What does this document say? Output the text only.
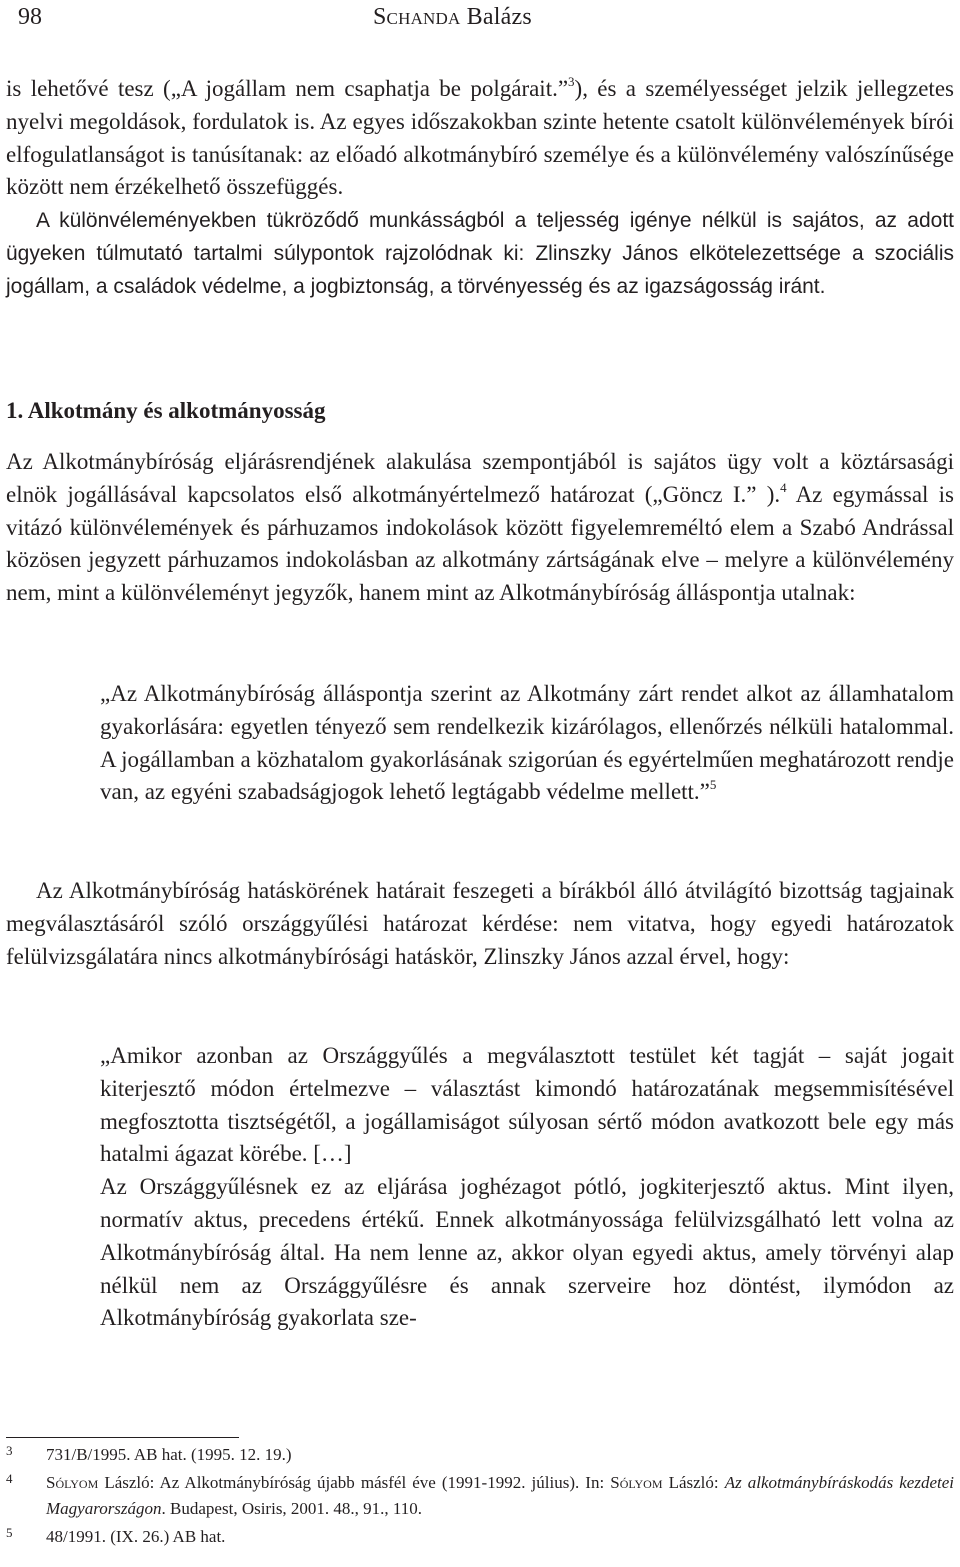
98	Schanda Balázs
is lehetővé tesz („A jogállam nem csaphatja be polgárait.”$^3$), és a személyességet jelzik jellegzetes nyelvi megoldások, fordulatok is. Az egyes időszakokban szinte hetente csatolt különvélemények bírói elfogulatlanságot is tanúsítanak: az előadó alkotmánybíró személye és a különvélemény valószínűsége között nem érzékelhető összefüggés.
A különvéleményekben tükröződő munkásságból a teljesség igénye nélkül is sajátos, az adott ügyeken túlmutató tartalmi súlypontok rajzolódnak ki: Zlinszky János elkötelezettsége a szociális jogállam, a családok védelme, a jogbiztonság, a törvényesség és az igazságosság iránt.
1. Alkotmány és alkotmányosság
Az Alkotmánybíróság eljárásrendjének alakulása szempontjából is sajátos ügy volt a köztársasági elnök jogállásával kapcsolatos első alkotmányértelmező határozat („Göncz I.” ).$^4$ Az egymással is vitázó különvélemények és párhuzamos indokolások között figyelemreméltó elem a Szabó Andrással közösen jegyzett párhuzamos indokolásban az alkotmány zártságának elve – melyre a különvélemény nem, mint a különvéleményt jegyzők, hanem mint az Alkotmánybíróság álláspontja utalnak:
„Az Alkotmánybíróság álláspontja szerint az Alkotmány zárt rendet alkot az államhatalom gyakorlására: egyetlen tényező sem rendelkezik kizárólagos, ellenőrzés nélküli hatalommal. A jogállamban a közhatalom gyakorlásának szigorúan és egyértelműen meghatározott rendje van, az egyéni szabadságjogok lehető legtágabb védelme mellett.”$^5$
Az Alkotmánybíróság hatáskörének határait feszegeti a bírákból álló átvilágító bizottság tagjainak megválasztásáról szóló országgyűlési határozat kérdése: nem vitatva, hogy egyedi határozatok felülvizsgálatára nincs alkotmánybírósági hatáskör, Zlinszky János azzal érvel, hogy:
„Amikor azonban az Országgyűlés a megválasztott testület két tagját – saját jogait kiterjesztő módon értelmezve – választást kimondó határozatának megsemmisítésével megfosztotta tisztségétől, a jogállamiságot súlyosan sértő módon avatkozott bele egy más hatalmi ágazat körébe. […]
Az Országgyűlésnek ez az eljárása joghézagot pótló, jogkiterjesztő aktus. Mint ilyen, normatív aktus, precedens értékű. Ennek alkotmányossága felülvizsgálható lett volna az Alkotmánybíróság által. Ha nem lenne az, akkor olyan egyedi aktus, amely törvényi alap nélkül nem az Országgyűlésre és annak szerveire hoz döntést, ilymódon az Alkotmánybíróság gyakorlata sze-
3 731/B/1995. AB hat. (1995. 12. 19.)
4 Sólyom László: Az Alkotmánybíróság újabb másfél éve (1991-1992. július). In: Sólyom László: Az alkotmánybíráskodás kezdetei Magyarországon. Budapest, Osiris, 2001. 48., 91., 110.
5 48/1991. (IX. 26.) AB hat.
